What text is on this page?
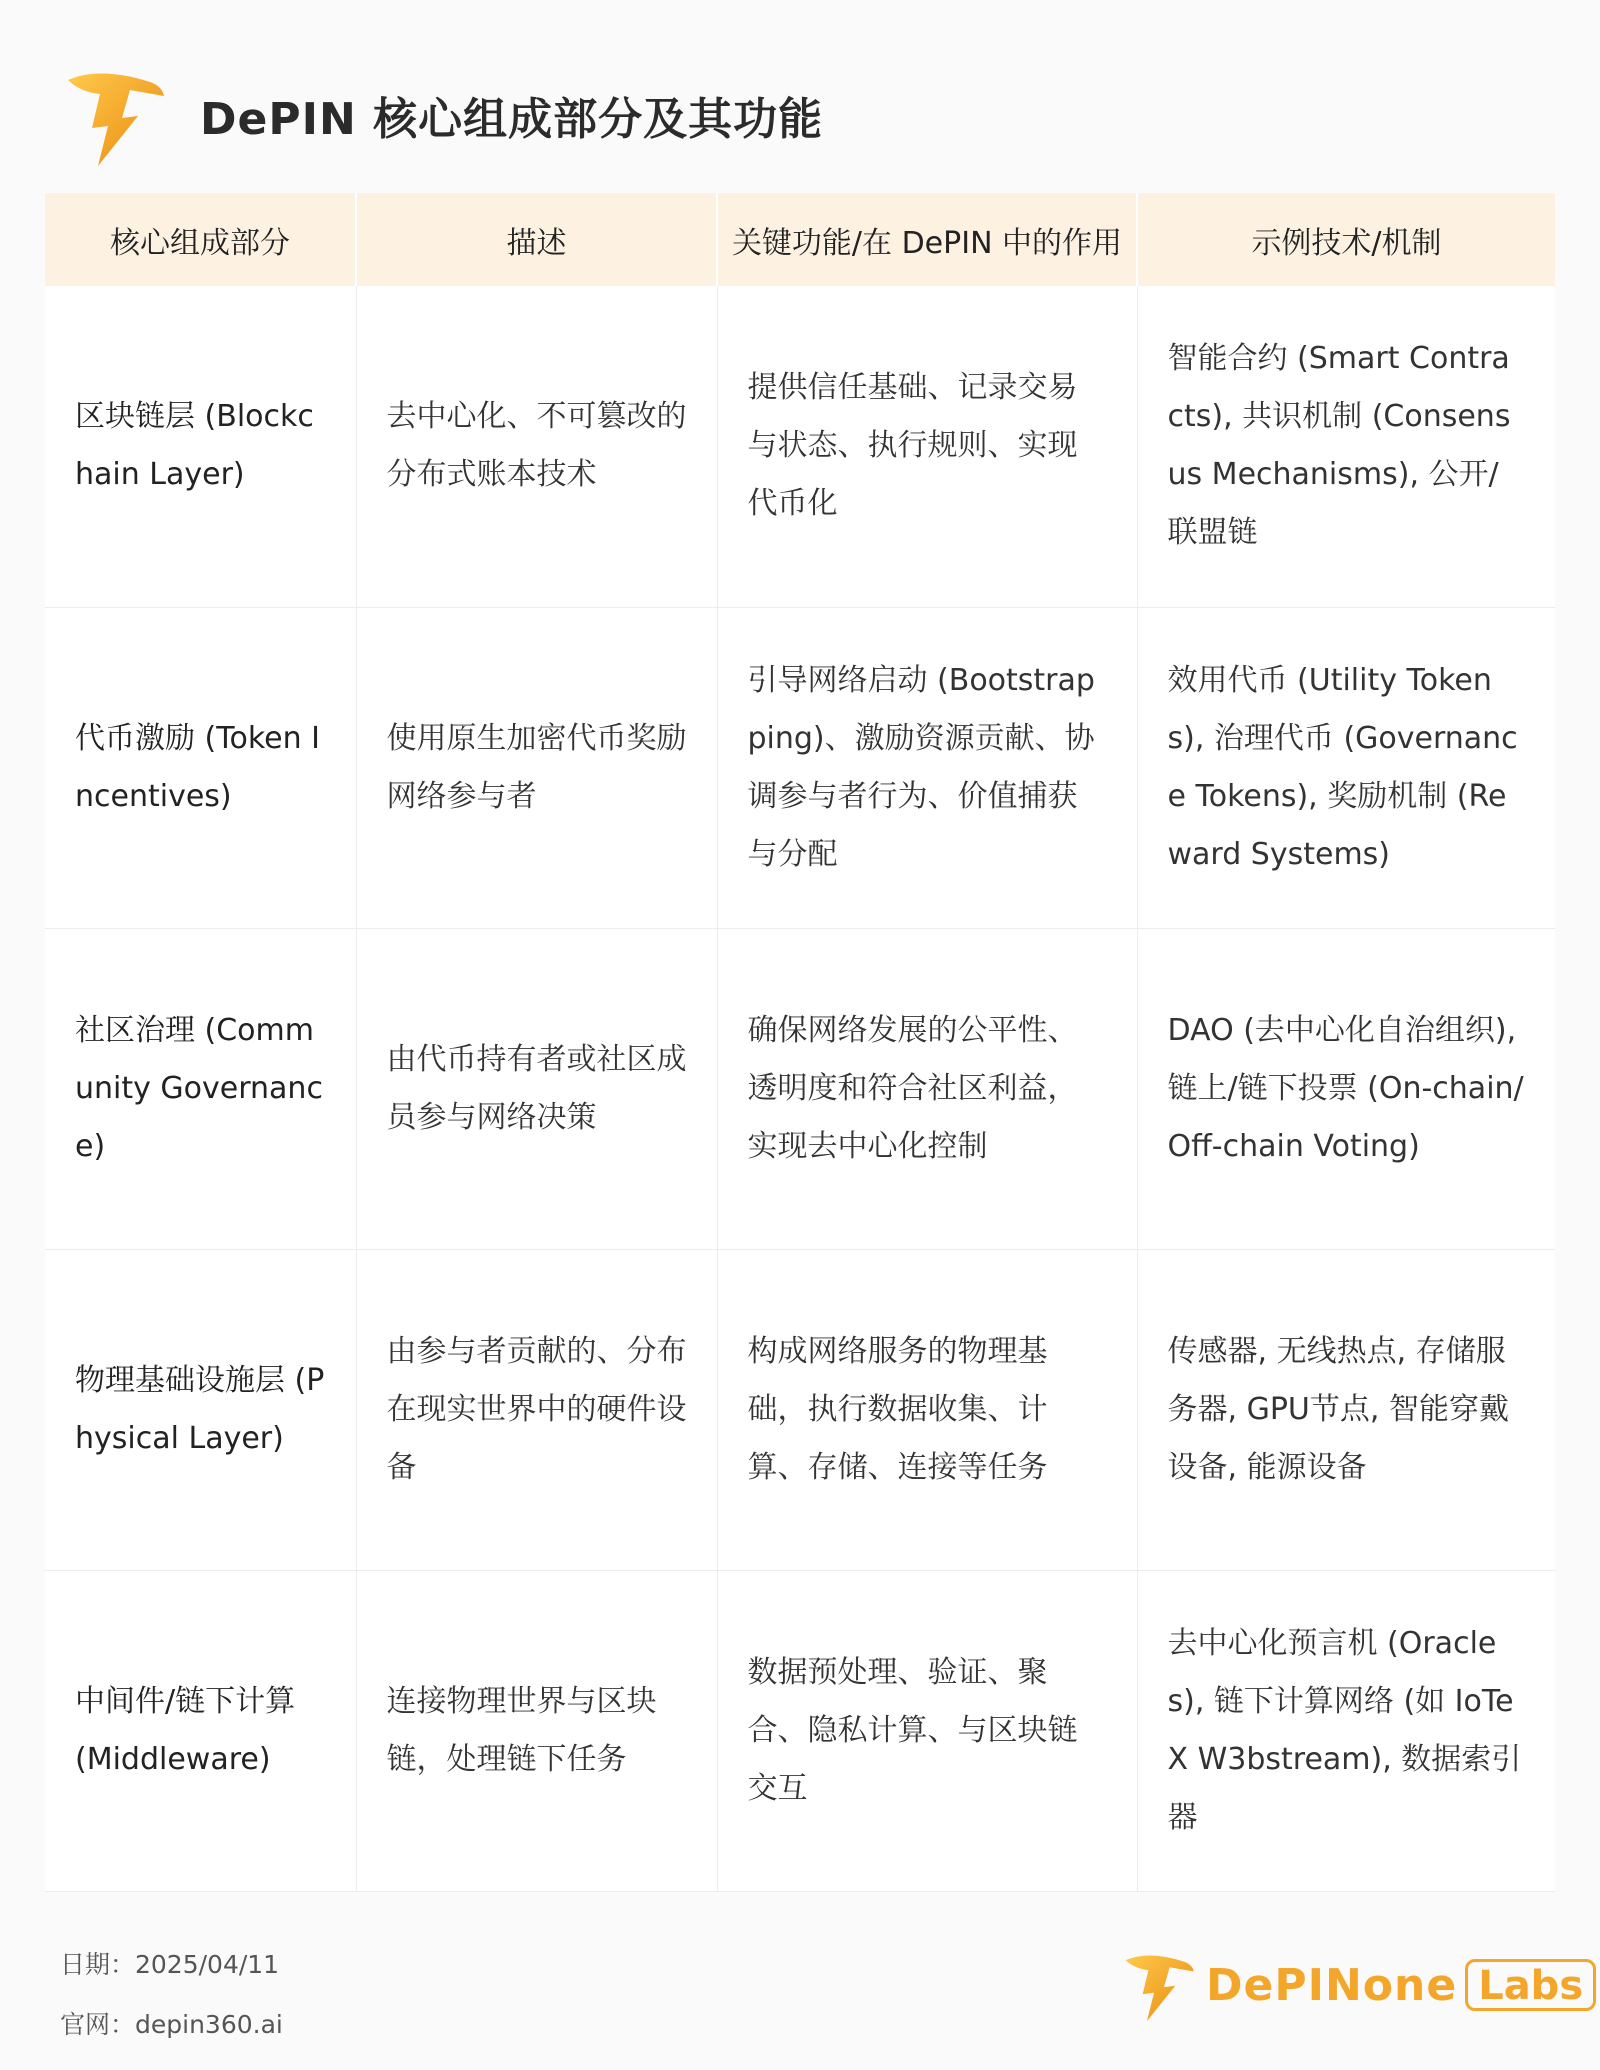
DePIN 核心组成部分及其功能
核心组成部分	描述	关键功能/在 DePIN 中的作用	示例技术/机制
区块链层 (Blockchain Layer)	去中心化、不可篡改的分布式账本技术	提供信任基础、记录交易与状态、执行规则、实现代币化	智能合约 (Smart Contracts), 共识机制 (Consensus Mechanisms), 公开/联盟链
代币激励 (Token Incentives)	使用原生加密代币奖励网络参与者	引导网络启动 (Bootstrapping)、激励资源贡献、协调参与者行为、价值捕获与分配	效用代币 (Utility Tokens), 治理代币 (Governance Tokens), 奖励机制 (Reward Systems)
社区治理 (Community Governance)	由代币持有者或社区成员参与网络决策	确保网络发展的公平性、透明度和符合社区利益，实现去中心化控制	DAO (去中心化自治组织), 链上/链下投票 (On-chain/Off-chain Voting)
物理基础设施层 (Physical Layer)	由参与者贡献的、分布在现实世界中的硬件设备	构成网络服务的物理基础，执行数据收集、计算、存储、连接等任务	传感器, 无线热点, 存储服务器, GPU节点, 智能穿戴设备, 能源设备
中间件/链下计算 (Middleware)	连接物理世界与区块链，处理链下任务	数据预处理、验证、聚合、隐私计算、与区块链交互	去中心化预言机 (Oracles), 链下计算网络 (如 IoTeX W3bstream), 数据索引器
日期：2025/04/11
官网：depin360.ai
DePINone Labs
